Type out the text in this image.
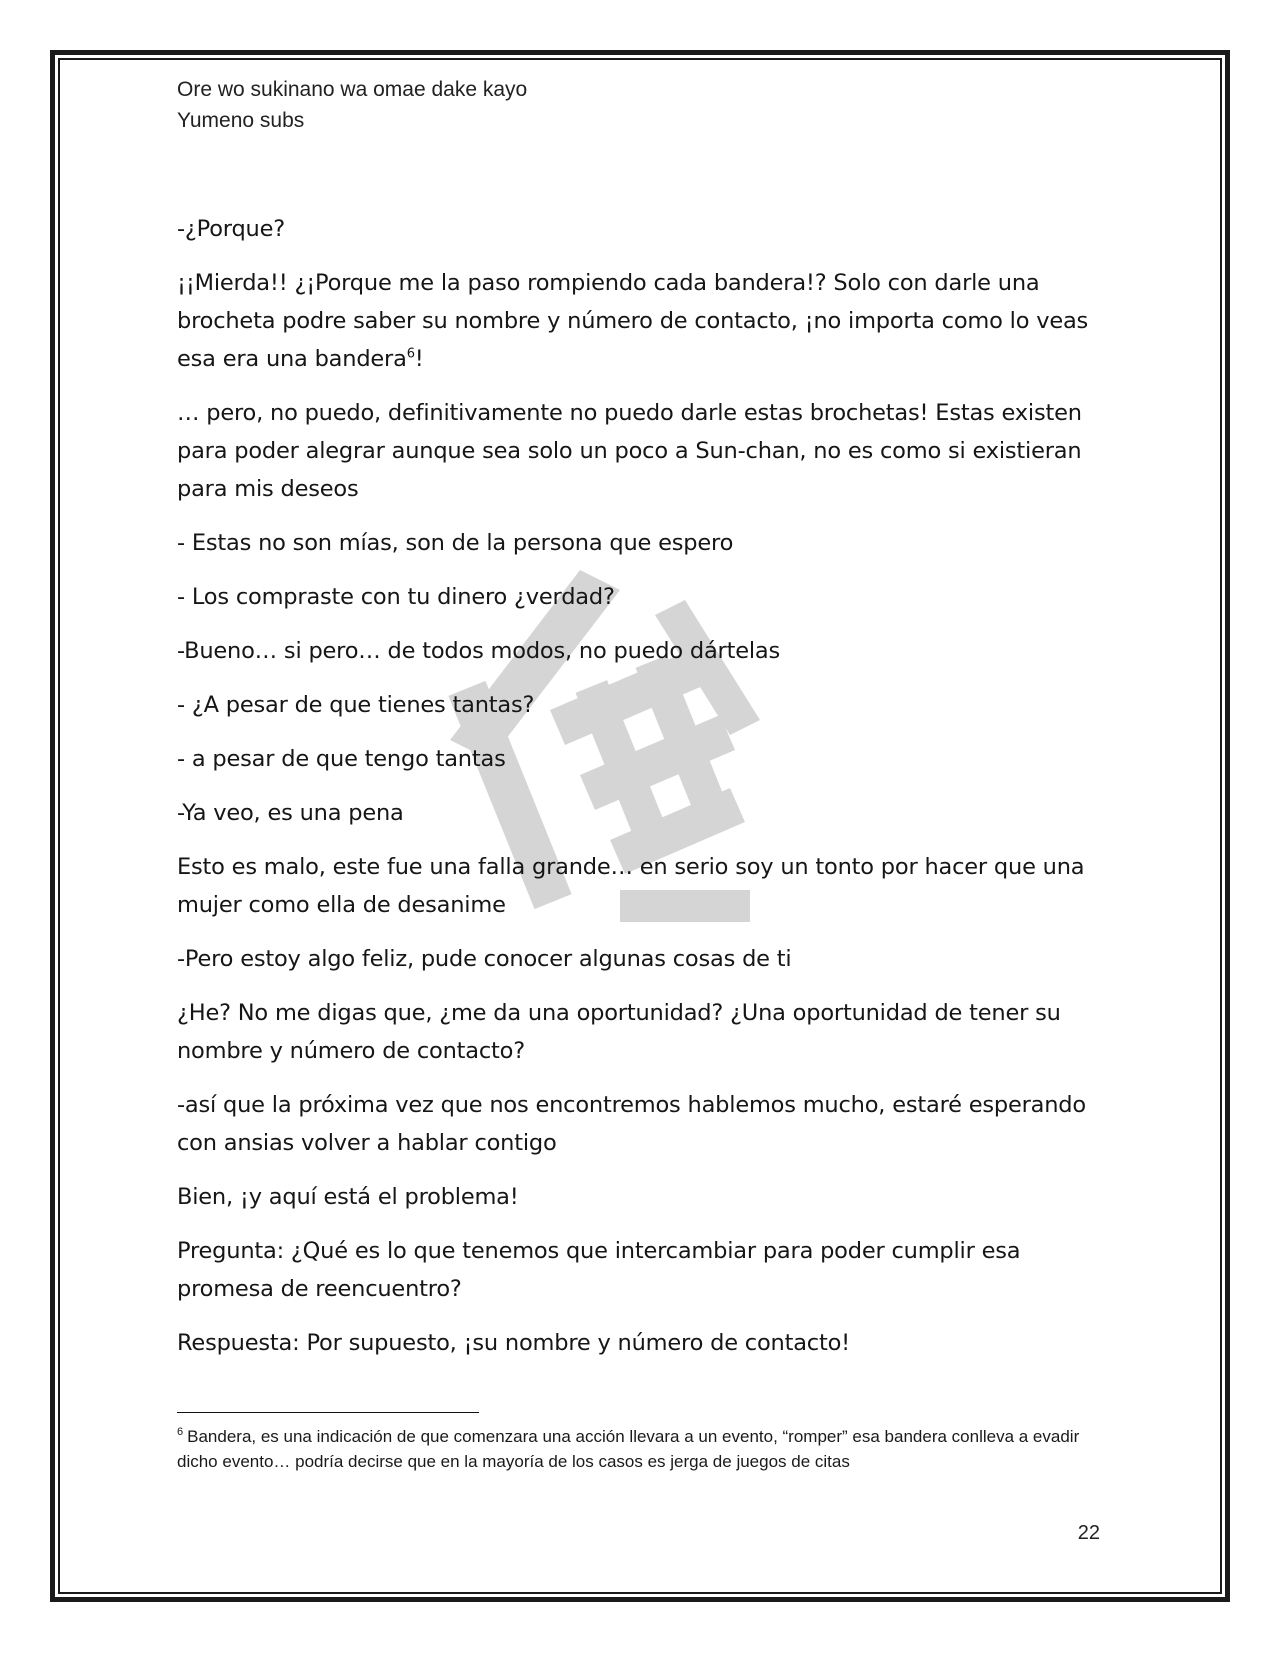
Ore wo sukinano wa omae dake kayo
Yumeno subs

-¿Porque?

¡¡Mierda!! ¿¡Porque me la paso rompiendo cada bandera!? Solo con darle una brocheta podre saber su nombre y número de contacto, ¡no importa como lo veas esa era una bandera$^6$!

… pero, no puedo, definitivamente no puedo darle estas brochetas! Estas existen para poder alegrar aunque sea solo un poco a Sun-chan, no es como si existieran para mis deseos

- Estas no son mías, son de la persona que espero

- Los compraste con tu dinero ¿verdad?

-Bueno… si pero… de todos modos, no puedo dártelas

- ¿A pesar de que tienes tantas?

- a pesar de que tengo tantas

-Ya veo, es una pena

Esto es malo, este fue una falla grande… en serio soy un tonto por hacer que una mujer como ella de desanime

-Pero estoy algo feliz, pude conocer algunas cosas de ti

¿He? No me digas que, ¿me da una oportunidad? ¿Una oportunidad de tener su nombre y número de contacto?

-así que la próxima vez que nos encontremos hablemos mucho, estaré esperando con ansias volver a hablar contigo

Bien, ¡y aquí está el problema!

Pregunta: ¿Qué es lo que tenemos que intercambiar para poder cumplir esa promesa de reencuentro?

Respuesta: Por supuesto, ¡su nombre y número de contacto!

$^6$ Bandera, es una indicación de que comenzara una acción llevara a un evento, “romper” esa bandera conlleva a evadir dicho evento… podría decirse que en la mayoría de los casos es jerga de juegos de citas
22
